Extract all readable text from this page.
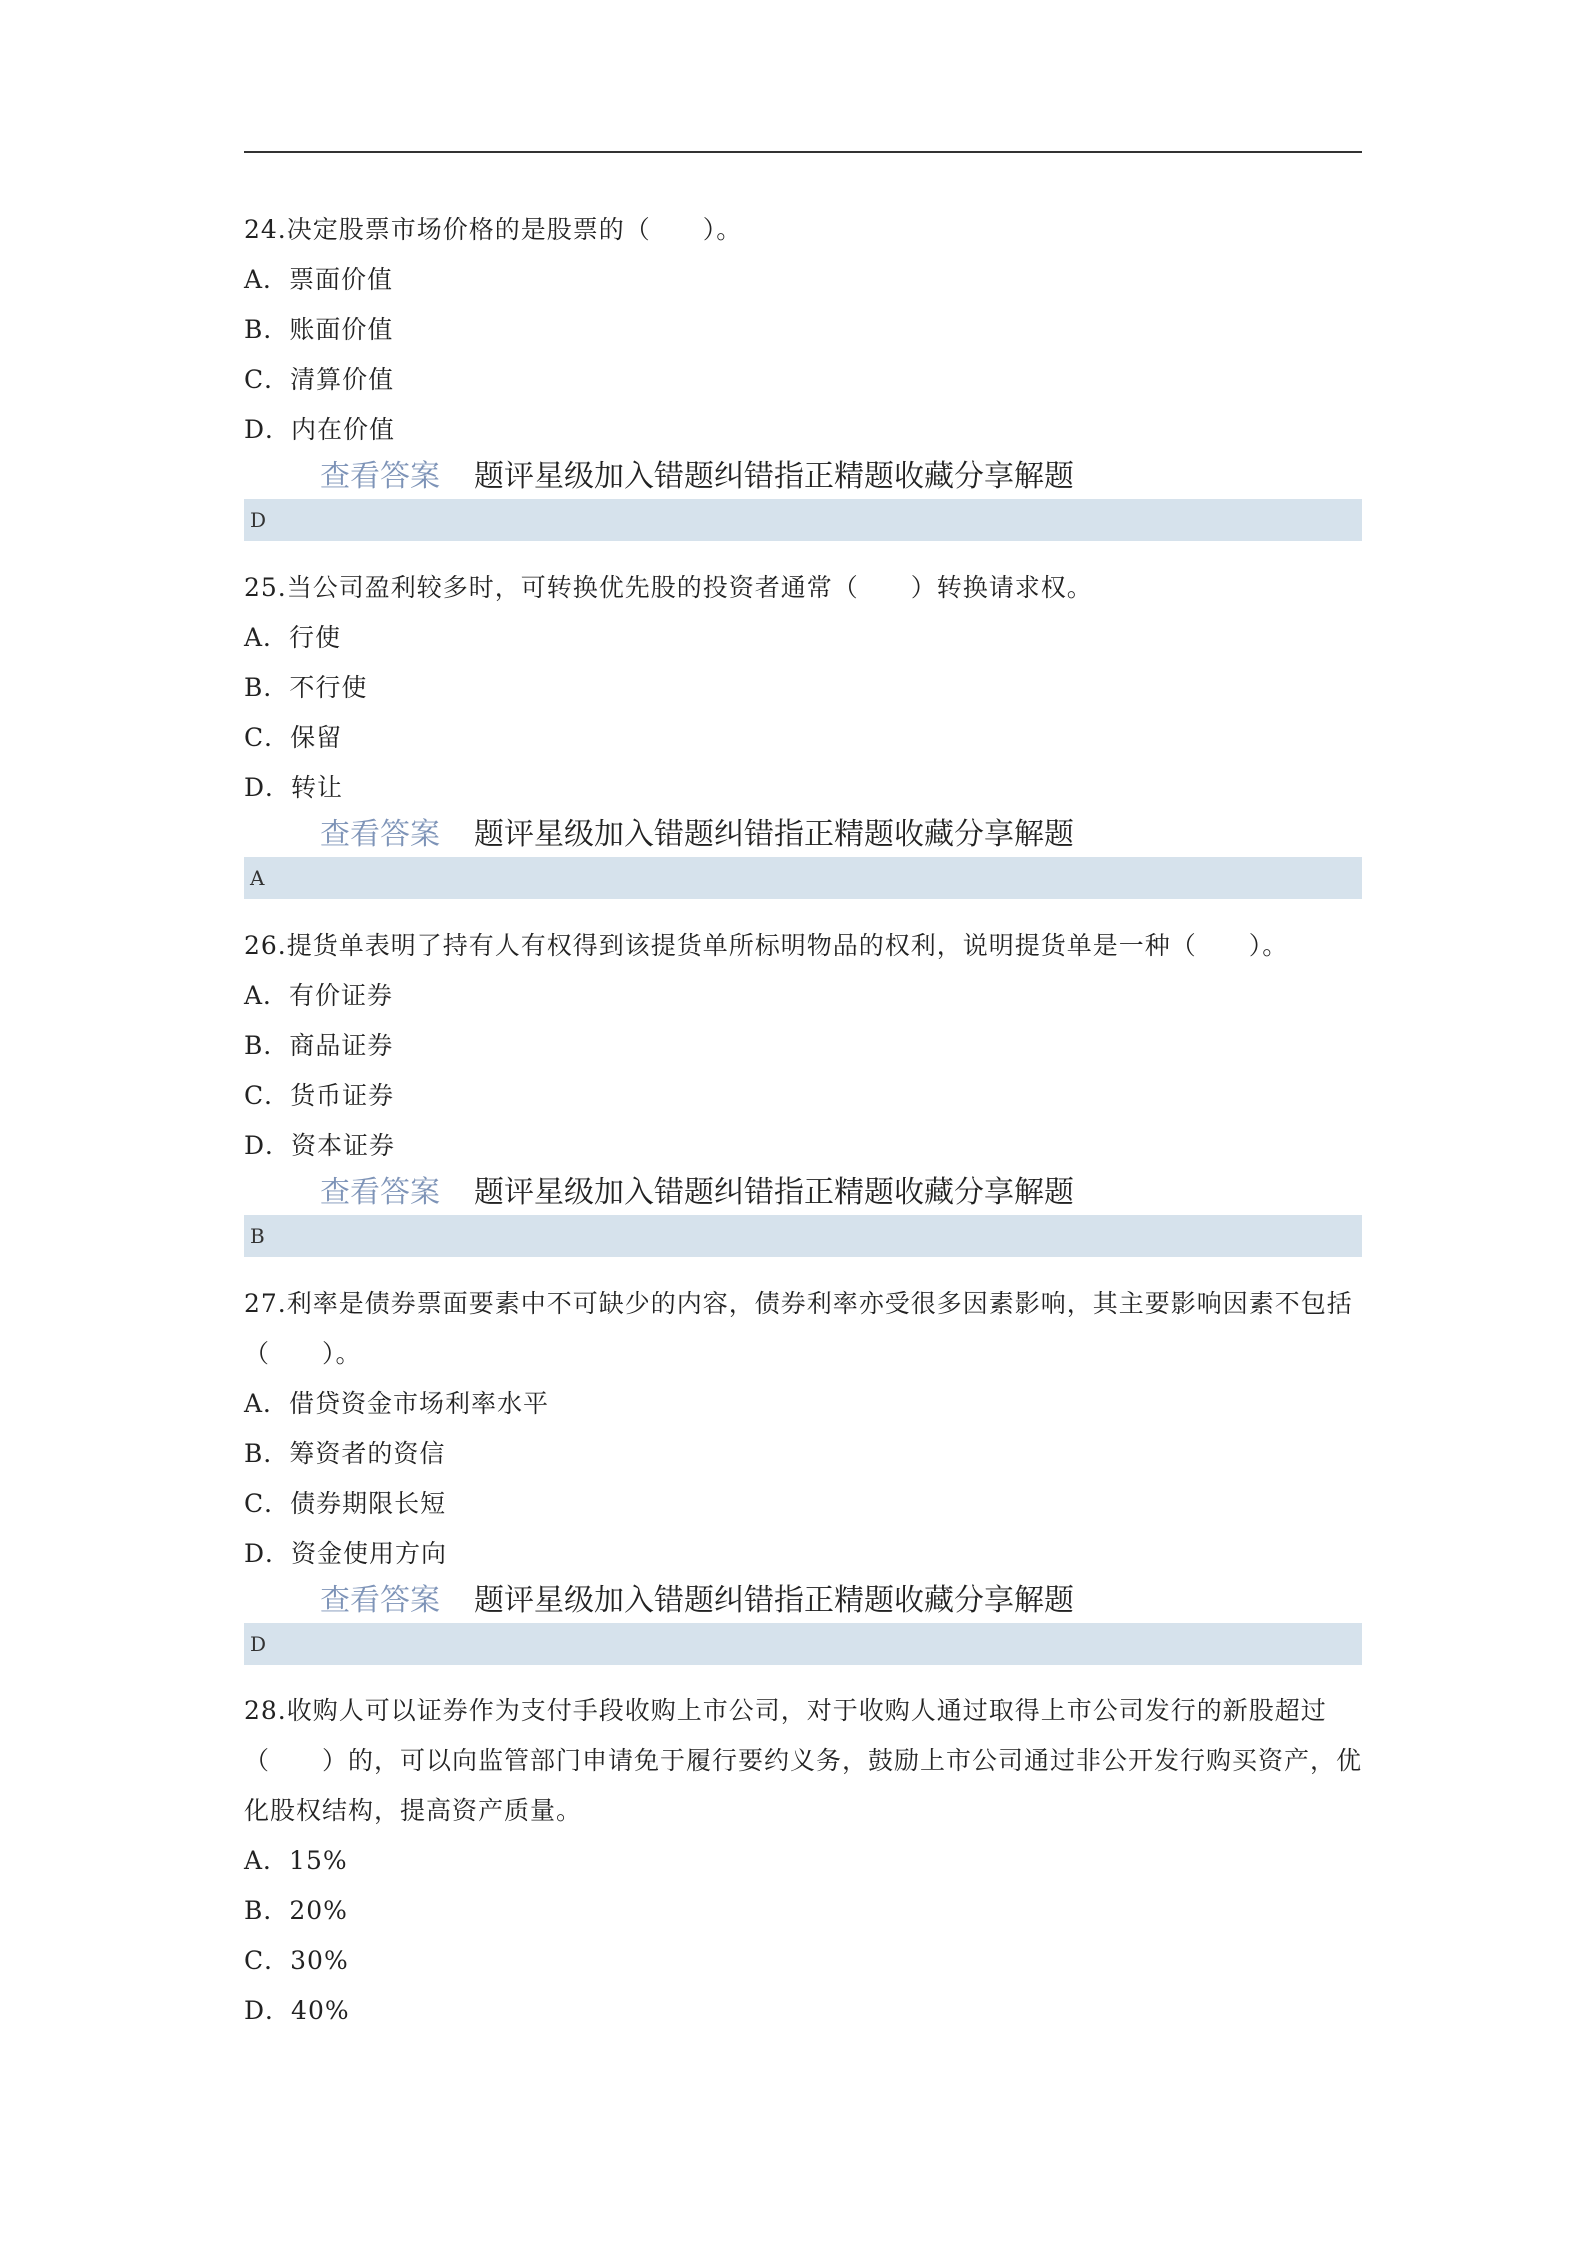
24.决定股票市场价格的是股票的（　　）。

A．票面价值
B．账面价值
C．清算价值
D．内在价值
查看答案 题评星级加入错题纠错指正精题收藏分享解题
D

25.当公司盈利较多时，可转换优先股的投资者通常（　　）转换请求权。

A．行使
B．不行使
C．保留
D．转让
查看答案 题评星级加入错题纠错指正精题收藏分享解题
A

26.提货单表明了持有人有权得到该提货单所标明物品的权利，说明提货单是一种（　　）。

A．有价证券
B．商品证券
C．货币证券
D．资本证券
查看答案 题评星级加入错题纠错指正精题收藏分享解题
B

27.利率是债券票面要素中不可缺少的内容，债券利率亦受很多因素影响，其主要影响因素不包括（　　）。

A．借贷资金市场利率水平
B．筹资者的资信
C．债券期限长短
D．资金使用方向
查看答案 题评星级加入错题纠错指正精题收藏分享解题
D

28.收购人可以证券作为支付手段收购上市公司，对于收购人通过取得上市公司发行的新股超过（　　）的，可以向监管部门申请免于履行要约义务，鼓励上市公司通过非公开发行购买资产，优化股权结构，提高资产质量。

A．15%
B．20%
C．30%
D．40%
